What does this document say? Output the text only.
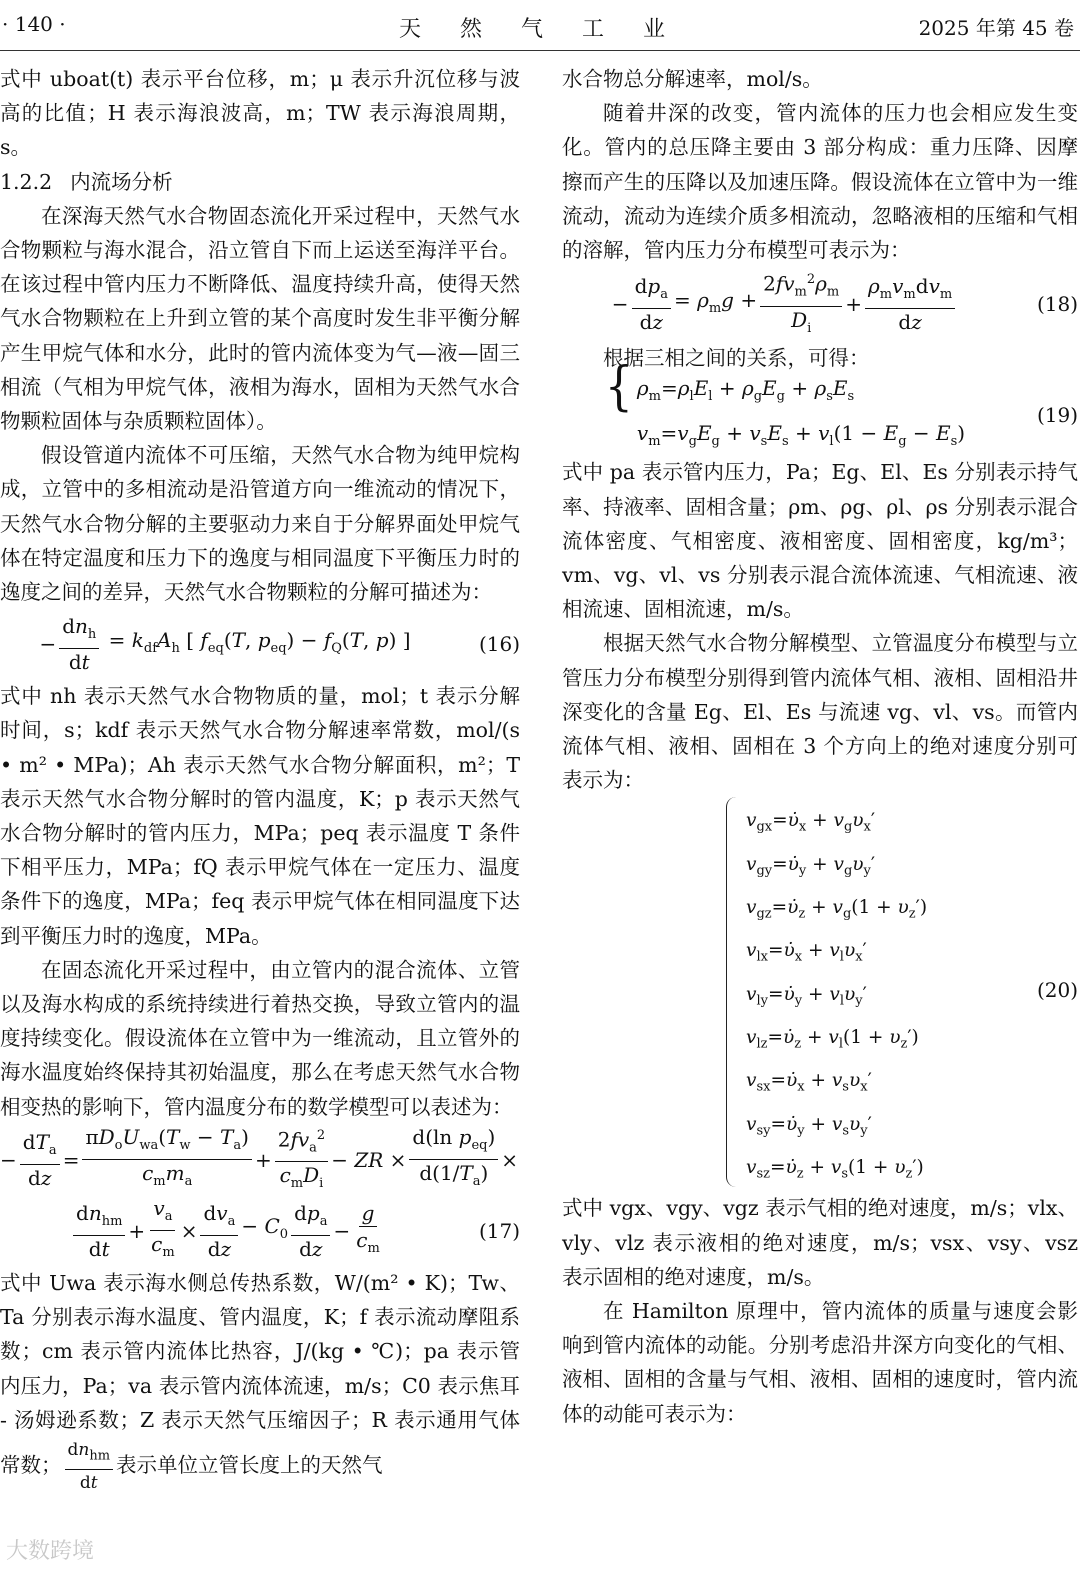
· 140 ·	天 然 气 工 业	2025 年第 45 卷

式中 uboat(t) 表示平台位移，m；μ 表示升沉位移与波高的比值；H 表示海浪波高，m；TW 表示海浪周期，s。

1.2.2 内流场分析

在深海天然气水合物固态流化开采过程中，天然气水合物颗粒与海水混合，沿立管自下而上运送至海洋平台。在该过程中管内压力不断降低、温度持续升高，使得天然气水合物颗粒在上升到立管的某个高度时发生非平衡分解产生甲烷气体和水分，此时的管内流体变为气—液—固三相流（气相为甲烷气体，液相为海水，固相为天然气水合物颗粒固体与杂质颗粒固体）。

假设管道内流体不可压缩，天然气水合物为纯甲烷构成，立管中的多相流动是沿管道方向一维流动的情况下，天然气水合物分解的主要驱动力来自于分解界面处甲烷气体在特定温度和压力下的逸度与相同温度下平衡压力时的逸度之间的差异，天然气水合物颗粒的分解可描述为：

− $\frac{dn_h}{dt} = k_{df}A_h$ [ $f_{eq}(T$, $p_{eq}) - f_Q(T$, p) ]	(16)

式中 nh 表示天然气水合物物质的量，mol；t 表示分解时间，s；kdf 表示天然气水合物分解速率常数，mol/(s • m² • MPa)；Ah 表示天然气水合物分解面积，m²；T 表示天然气水合物分解时的管内温度，K；p 表示天然气水合物分解时的管内压力，MPa；peq 表示温度 T 条件下相平压力，MPa；fQ 表示甲烷气体在一定压力、温度条件下的逸度，MPa；feq 表示甲烷气体在相同温度下达到平衡压力时的逸度，MPa。

在固态流化开采过程中，由立管内的混合流体、立管以及海水构成的系统持续进行着热交换，导致立管内的温度持续变化。假设流体在立管中为一维流动，且立管外的海水温度始终保持其初始温度，那么在考虑天然气水合物相变热的影响下，管内温度分布的数学模型可以表述为：

− $\frac{dT_a}{dz} = \frac{\pi D_oU_{wa}(T_w - T_a)}{c_mm_a} + \frac{2fv_a^2}{c_mD_i}$ − ZR × $\frac{d(\ln p_{eq})}{d(1/T_a)}$ ×
$\frac{dn_{hm}}{dt} + \frac{v_a}{c_m} \times \frac{dv_a}{dz} - C_0 \frac{dp_a}{dz} - \frac{g}{c_m}$	(17)

式中 Uwa 表示海水侧总传热系数，W/(m² • K)；Tw、Ta 分别表示海水温度、管内温度，K；f 表示流动摩阻系数；cm 表示管内流体比热容，J/(kg • ℃)；pa 表示管内压力，Pa；va 表示管内流体流速，m/s；C0 表示焦耳 - 汤姆逊系数；Z 表示天然气压缩因子；R 表示通用气体常数； $\frac{dn_{hm}}{dt}$ 表示单位立管长度上的天然气

水合物总分解速率，mol/s。

随着井深的改变，管内流体的压力也会相应发生变化。管内的总压降主要由 3 部分构成：重力压降、因摩擦而产生的压降以及加速压降。假设流体在立管中为一维流动，流动为连续介质多相流动，忽略液相的压缩和气相的溶解，管内压力分布模型可表示为：

− $\frac{dp_a}{dz} = \rho_mg + \frac{2fv_m^2\rho_m}{D_i} + \frac{\rho_mv_mdv_m}{dz}$	(18)

根据三相之间的关系，可得：

{ $\rho_m=\rho_lE_l + \rho_gE_g + \rho_sE_s$
$v_m=v_gE_g + v_sE_s + v_l(1 - E_g - E_s)$
(19)

式中 pa 表示管内压力，Pa；Eg、El、Es 分别表示持气率、持液率、固相含量；ρm、ρg、ρl、ρs 分别表示混合流体密度、气相密度、液相密度、固相密度，kg/m³；vm、vg、vl、vs 分别表示混合流体流速、气相流速、液相流速、固相流速，m/s。

根据天然气水合物分解模型、立管温度分布模型与立管压力分布模型分别得到管内流体气相、液相、固相沿井深变化的含量 Eg、El、Es 与流速 vg、vl、vs。而管内流体气相、液相、固相在 3 个方向上的绝对速度分别可表示为：

$v_{gx}=\upsiloṅ_x + v_g\upsilon_x'$
$v_{gy}=\upsiloṅ_y + v_g\upsilon_y'$
$v_{gz}=\upsiloṅ_z + v_g(1 + \upsilon_z')$
$v_{lx}=\upsiloṅ_x + v_l\upsilon_x'$
$v_{ly}=\upsiloṅ_y + v_l\upsilon_y'$
$v_{lz}=\upsiloṅ_z + v_l(1 + \upsilon_z')$
$v_{sx}=\upsiloṅ_x + v_s\upsilon_x'$
$v_{sy}=\upsiloṅ_y + v_s\upsilon_y'$
$v_{sz}=\upsiloṅ_z + v_s(1 + \upsilon_z')$
(20)

式中 vgx、vgy、vgz 表示气相的绝对速度，m/s；vlx、vly、vlz 表示液相的绝对速度，m/s；vsx、vsy、vsz 表示固相的绝对速度，m/s。

在 Hamilton 原理中，管内流体的质量与速度会影响到管内流体的动能。分别考虑沿井深方向变化的气相、液相、固相的含量与气相、液相、固相的速度时，管内流体的动能可表示为：

大数跨境
